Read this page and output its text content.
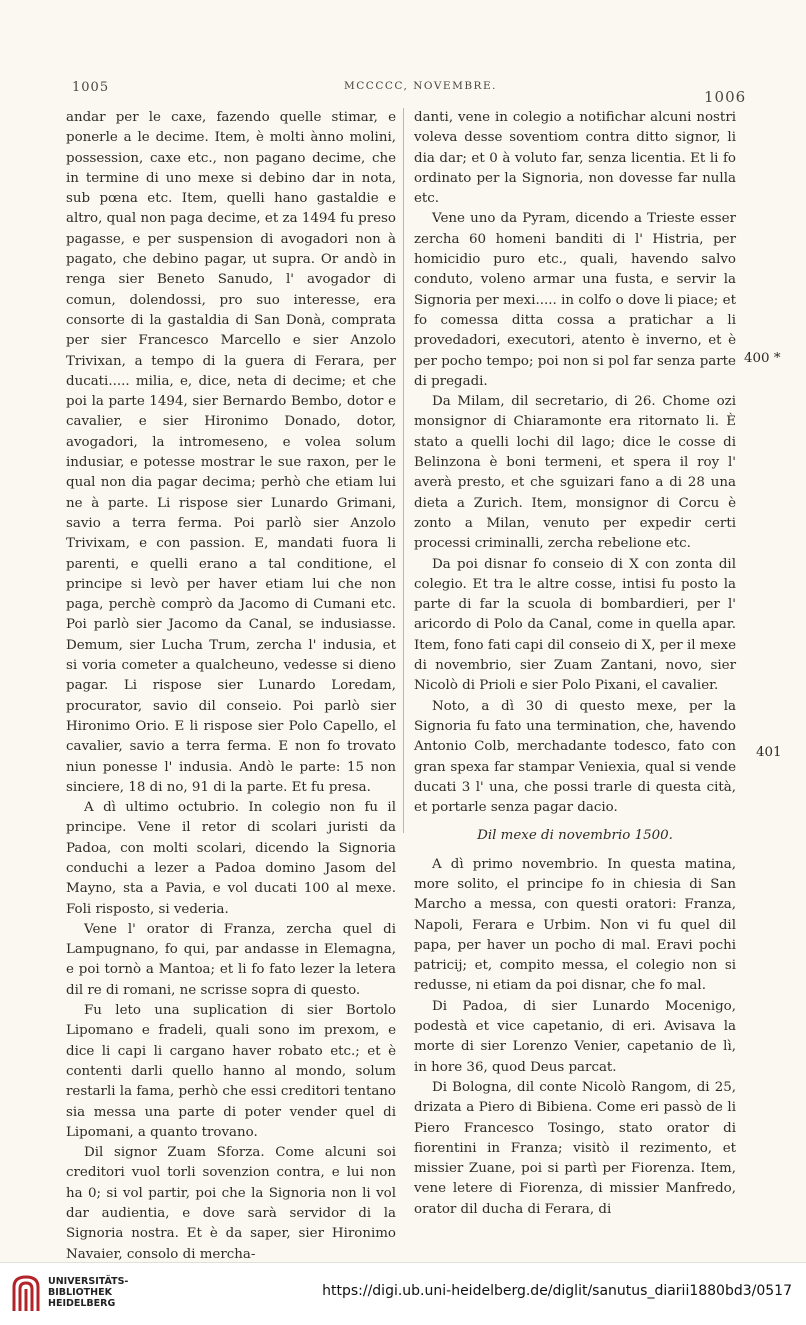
1005	MCCCCC, NOVEMBRE.
1006

andar per le caxe, fazendo quelle stimar, e ponerle a le decime. Item, è molti ànno molini, possession, caxe etc., non pagano decime, che in termine di uno mexe si debino dar in nota, sub pœna etc. Item, quelli hano gastaldie e altro, qual non paga decime, et za 1494 fu preso pagasse, e per suspension di avogadori non à pagato, che debino pagar, ut supra. Or andò in renga sier Beneto Sanudo, l' avogador di comun, dolendossi, pro suo interesse, era consorte di la gastaldia di San Donà, comprata per sier Francesco Marcello e sier Anzolo Trivixan, a tempo di la guera di Ferara, per ducati..... milia, e, dice, neta di decime; et che poi la parte 1494, sier Bernardo Bembo, dotor e cavalier, e sier Hironimo Donado, dotor, avogadori, la intromeseno, e volea solum indusiar, e potesse mostrar le sue raxon, per le qual non dia pagar decima; perhò che etiam lui ne à parte. Li rispose sier Lunardo Grimani, savio a terra ferma. Poi parlò sier Anzolo Trivixam, e con passion. E, mandati fuora li parenti, e quelli erano a tal conditione, el principe si levò per haver etiam lui che non paga, perchè comprò da Jacomo di Cumani etc. Poi parlò sier Jacomo da Canal, se indusiasse. Demum, sier Lucha Trum, zercha l' indusia, et si voria cometer a qualcheuno, vedesse si dieno pagar. Li rispose sier Lunardo Loredam, procurator, savio dil conseio. Poi parlò sier Hironimo Orio. E li rispose sier Polo Capello, el cavalier, savio a terra ferma. E non fo trovato niun ponesse l' indusia. Andò le parte: 15 non sinciere, 18 di no, 91 di la parte. Et fu presa.

A dì ultimo octubrio. In colegio non fu il principe. Vene il retor di scolari juristi da Padoa, con molti scolari, dicendo la Signoria conduchi a lezer a Padoa domino Jasom del Mayno, sta a Pavia, e vol ducati 100 al mexe. Foli risposto, si vederia.

Vene l' orator di Franza, zercha quel di Lampugnano, fo qui, par andasse in Elemagna, e poi tornò a Mantoa; et li fo fato lezer la letera dil re di romani, ne scrisse sopra di questo.

Fu leto una suplication di sier Bortolo Lipomano e fradeli, quali sono im prexom, e dice li capi li cargano haver robato etc.; et è contenti darli quello hanno al mondo, solum restarli la fama, perhò che essi creditori tentano sia messa una parte di poter vender quel di Lipomani, a quanto trovano.

Dil signor Zuam Sforza. Come alcuni soi creditori vuol torli sovenzion contra, e lui non ha 0; si vol partir, poi che la Signoria non li vol dar audientia, e dove sarà servidor di la Signoria nostra. Et è da saper, sier Hironimo Navaier, consolo di mercha-

danti, vene in colegio a notifichar alcuni nostri voleva desse soventiom contra ditto signor, li dia dar; et 0 à voluto far, senza licentia. Et li fo ordinato per la Signoria, non dovesse far nulla etc.

Vene uno da Pyram, dicendo a Trieste esser zercha 60 homeni banditi di l' Histria, per homicidio puro etc., quali, havendo salvo conduto, voleno armar una fusta, e servir la Signoria per mexi..... in colfo o dove li piace; et fo comessa ditta cossa a pratichar a li provedadori, executori, atento è inverno, et è per pocho tempo; poi non si pol far senza parte di pregadi.

Da Milam, dil secretario, di 26. Chome ozi monsignor di Chiaramonte era ritornato li. È stato a quelli lochi dil lago; dice le cosse di Belinzona è boni termeni, et spera il roy l' averà presto, et che sguizari fano a di 28 una dieta a Zurich. Item, monsignor di Corcu è zonto a Milan, venuto per expedir certi processi criminalli, zercha rebelione etc.

Da poi disnar fo conseio di X con zonta dil colegio. Et tra le altre cosse, intisi fu posto la parte di far la scuola di bombardieri, per l' aricordo di Polo da Canal, come in quella apar. Item, fono fati capi dil conseio di X, per il mexe di novembrio, sier Zuam Zantani, novo, sier Nicolò di Prioli e sier Polo Pixani, el cavalier.

Noto, a dì 30 di questo mexe, per la Signoria fu fato una termination, che, havendo Antonio Colb, merchadante todesco, fato con gran spexa far stampar Veniexia, qual si vende ducati 3 l' una, che possi trarle di questa cità, et portarle senza pagar dacio.

Dil mexe di novembrio 1500.

A dì primo novembrio. In questa matina, more solito, el principe fo in chiesia di San Marcho a messa, con questi oratori: Franza, Napoli, Ferara e Urbim. Non vi fu quel dil papa, per haver un pocho di mal. Eravi pochi patricij; et, compito messa, el colegio non si redusse, ni etiam da poi disnar, che fo mal.

Di Padoa, di sier Lunardo Mocenigo, podestà et vice capetanio, di eri. Avisava la morte di sier Lorenzo Venier, capetanio de lì, in hore 36, quod Deus parcat.

Di Bologna, dil conte Nicolò Rangom, di 25, drizata a Piero di Bibiena. Come eri passò de li Piero Francesco Tosingo, stato orator di fiorentini in Franza; visitò il rezimento, et missier Zuane, poi si partì per Fiorenza. Item, vene letere di Fiorenza, di missier Manfredo, orator dil ducha di Ferara, di

400 *
401
UNIVERSITÄTS-
BIBLIOTHEK
HEIDELBERG
https://digi.ub.uni-heidelberg.de/diglit/sanutus_diarii1880bd3/0517
